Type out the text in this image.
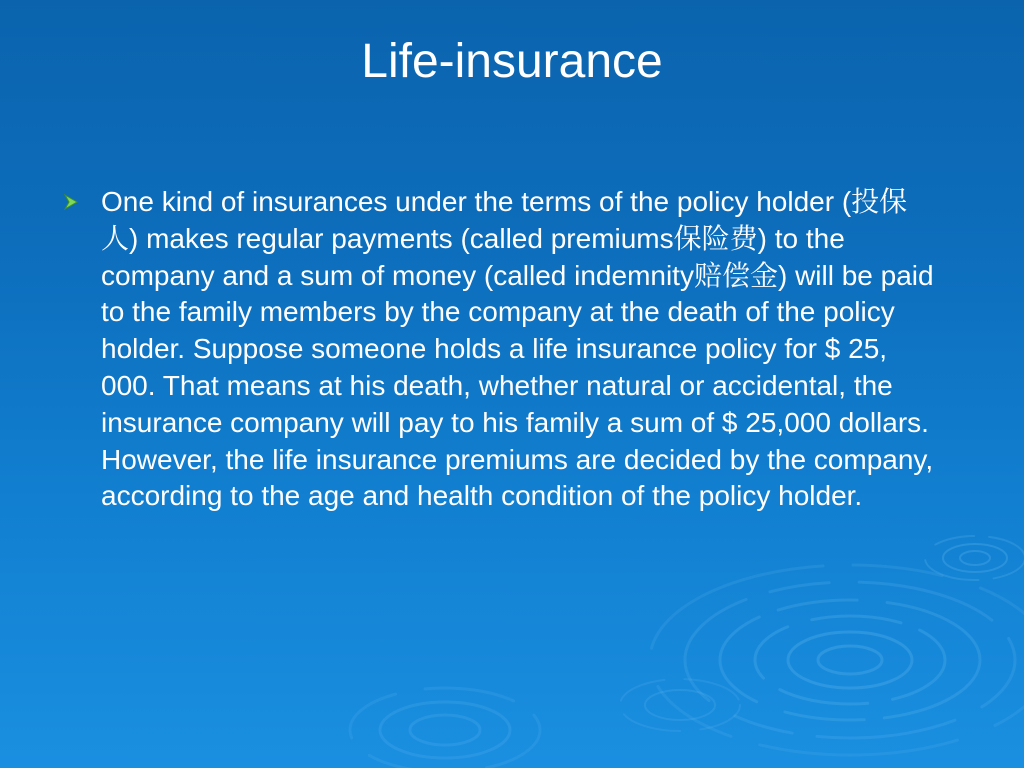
Life-insurance
One kind of insurances under the terms of the policy holder (投保人) makes regular payments (called premiums保险费) to the company and a sum of money (called indemnity赔偿金) will be paid to the family members by the company at the death of the policy holder. Suppose someone holds a life insurance policy for $ 25, 000. That means at his death, whether natural or accidental, the insurance company will pay to his family a sum of $ 25,000 dollars. However, the life insurance premiums are decided by the company, according to the age and health condition of the policy holder.
